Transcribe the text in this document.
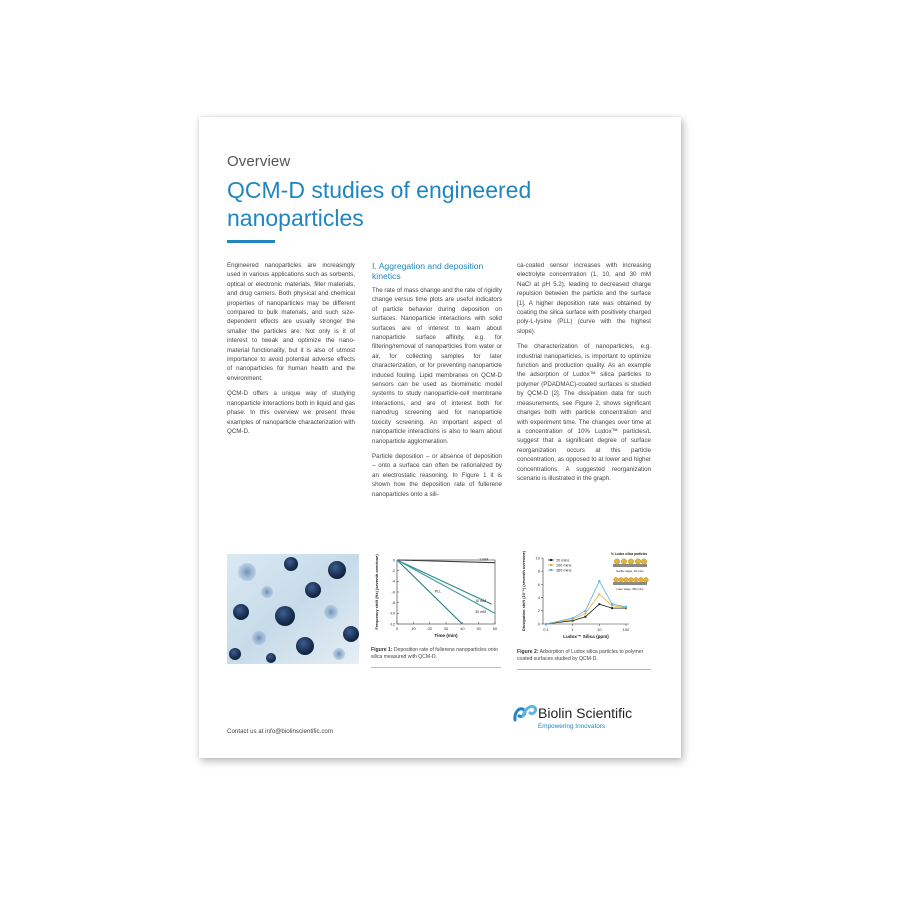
Overview
QCM-D studies of engineered
nanoparticles

Engineered nanoparticles are increasingly used in various applications such as sorbents, optical or electronic materials, filler materials, and drug carriers. Both physical and chemical properties of nanoparticles may be different compared to bulk materials, and such size-dependent effects are usually stronger the smaller the particles are. Not only is it of interest to tweak and optimize the nano-material functionality, but it is also of utmost importance to avoid potential adverse effects of nanoparticles for human health and the environment.

QCM-D offers a unique way of studying nanoparticle interactions both in liquid and gas phase. In this overview we present three examples of nanoparticle characterization with QCM-D.

I. Aggregation and deposition kinetics

The rate of mass change and the rate of rigidity change versus time plots are useful indicators of particle behavior during deposition on surfaces. Nanoparticle interactions with solid surfaces are of interest to learn about nanoparticle surface affinity, e.g. for filtering/removal of nanoparticles from water or air, for collecting samples for later characterization, or for preventing nanoparticle induced fouling. Lipid membranes on QCM-D sensors can be used as biomimetic model systems to study nanoparticle-cell membrane interactions, and are of interest both for nanodrug screening and for nanoparticle toxicity screening. An important aspect of nanoparticle interactions is also to learn about nanoparticle agglomeration.

Particle deposition – or absence of deposition – onto a surface can often be rationalized by an electrostatic reasoning. In Figure 1 it is shown how the deposition rate of fullerene nanoparticles onto a sili-

ca-coated sensor increases with increasing electrolyte concentration (1, 10, and 30 mM NaCl at pH 5.2), leading to decreased charge repulsion between the particle and the surface [1]. A higher deposition rate was obtained by coating the silica surface with positively charged poly-L-lysine (PLL) (curve with the highest slope).

The characterization of nanoparticles, e.g. industrial nanoparticles, is important to optimize function and production quality. As an example the adsorption of Ludox™ silica particles to polymer (PDADMAC)-coated surfaces is studied by QCM-D [2]. The dissipation data for such measurements, see Figure 2, shows significant changes both with particle concentration and with experiment time. The changes over time at a concentration of 10% Ludox™ particles/L suggest that a significant degree of surface reorganization occurs at this particle concentration, as opposed to at lower and higher concentrations. A suggested reorganization scenario is illustrated in the graph.

0	10	20	30	40	50	60
0
-2
-4
-6
-8
-10
-12
Time (min)
Frequency shift (Hz) (seventh overtone)	1 mM
PLL
10 mM
30 mM
Figure 1: Deposition rate of fullerene nanoparticles onto silica measured with QCM-D.
0.1	1	10	100
0
2
4
6
8
10
Ludox™ Silica (ppm)
Dissipation shift (10⁻⁶) (seventh overtone)	20 mins
100 mins
360 mins
% Ludox silica particles
Earlier stage, 20 mins
Later stage, 360 mins
Figure 2: Adsorption of Ludox silica particles to polymer coated surfaces studied by QCM-D.
Biolin Scientific
Empowering Innovators
Contact us at info@biolinscientific.com
